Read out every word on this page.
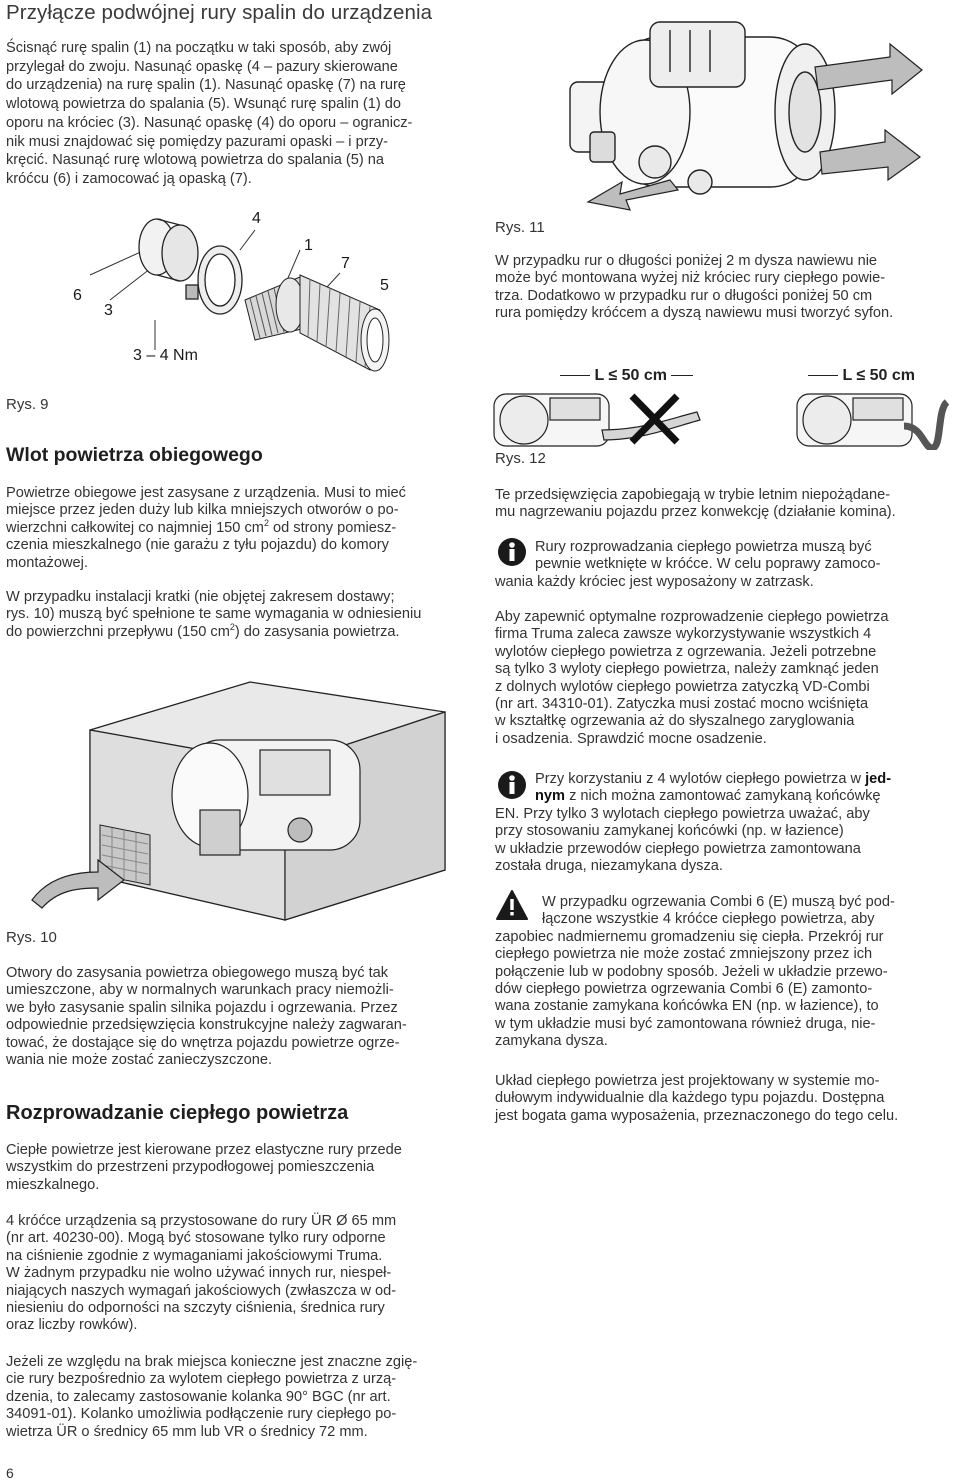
Przyłącze podwójnej rury spalin do urządzenia

Ścisnąć rurę spalin (1) na początku w taki sposób, aby zwój

przylegał do zwoju. Nasunąć opaskę (4 – pazury skierowane

do urządzenia) na rurę spalin (1). Nasunąć opaskę (7) na rurę

wlotową powietrza do spalania (5). Wsunąć rurę spalin (1) do

oporu na króciec (3). Nasunąć opaskę (4) do oporu – ogranicz-

nik musi znajdować się pomiędzy pazurami opaski – i przy-

kręcić. Nasunąć rurę wlotową powietrza do spalania (5) na

króćcu (6) i zamocować ją opaską (7).

4
1
7
5
6
3
3 – 4 Nm
Rys. 9
Wlot powietrza obiegowego

Powietrze obiegowe jest zasysane z urządzenia. Musi to mieć

miejsce przez jeden duży lub kilka mniejszych otworów o po-

wierzchni całkowitej co najmniej 150 $cm^2$ od strony pomiesz-

czenia mieszkalnego (nie garażu z tyłu pojazdu) do komory

montażowej.

W przypadku instalacji kratki (nie objętej zakresem dostawy;

rys. 10) muszą być spełnione te same wymagania w odniesieniu

do powierzchni przepływu (150 $cm^2$) do zasysania powietrza.

Rys. 10

Otwory do zasysania powietrza obiegowego muszą być tak

umieszczone, aby w normalnych warunkach pracy niemożli-

we było zasysanie spalin silnika pojazdu i ogrzewania. Przez

odpowiednie przedsięwzięcia konstrukcyjne należy zagwaran-

tować, że dostające się do wnętrza pojazdu powietrze ogrze-

wania nie może zostać zanieczyszczone.

Rozprowadzanie ciepłego powietrza

Ciepłe powietrze jest kierowane przez elastyczne rury przede

wszystkim do przestrzeni przypodłogowej pomieszczenia

mieszkalnego.

4 króćce urządzenia są przystosowane do rury ÜR Ø 65 mm

(nr art. 40230-00). Mogą być stosowane tylko rury odporne

na ciśnienie zgodnie z wymaganiami jakościowymi Truma.

W żadnym przypadku nie wolno używać innych rur, niespeł-

niających naszych wymagań jakościowych (zwłaszcza w od-

niesieniu do odporności na szczyty ciśnienia, średnica rury

oraz liczby rowków).

Jeżeli ze względu na brak miejsca konieczne jest znaczne zgię-

cie rury bezpośrednio za wylotem ciepłego powietrza z urzą-

dzenia, to zalecamy zastosowanie kolanka 90° BGC (nr art.

34091-01). Kolanko umożliwia podłączenie rury ciepłego po-

wietrza ÜR o średnicy 65 mm lub VR o średnicy 72 mm.

6
Rys. 11

W przypadku rur o długości poniżej 2 m dysza nawiewu nie

może być montowana wyżej niż króciec rury ciepłego powie-

trza. Dodatkowo w przypadku rur o długości poniżej 50 cm

rura pomiędzy króćcem a dyszą nawiewu musi tworzyć syfon.

L ≤ 50 cm	L ≤ 50 cm
Rys. 12

Te przedsięwzięcia zapobiegają w trybie letnim niepożądane-

mu nagrzewaniu pojazdu przez konwekcję (działanie komina).

Rury rozprowadzania ciepłego powietrza muszą być

pewnie wetknięte w króćce. W celu poprawy zamoco-

wania każdy króciec jest wyposażony w zatrzask.

Aby zapewnić optymalne rozprowadzenie ciepłego powietrza

firma Truma zaleca zawsze wykorzystywanie wszystkich 4

wylotów ciepłego powietrza z ogrzewania. Jeżeli potrzebne

są tylko 3 wyloty ciepłego powietrza, należy zamknąć jeden

z dolnych wylotów ciepłego powietrza zatyczką VD-Combi

(nr art. 34310-01). Zatyczka musi zostać mocno wciśnięta

w kształtkę ogrzewania aż do słyszalnego zaryglowania

i osadzenia. Sprawdzić mocne osadzenie.

Przy korzystaniu z 4 wylotów ciepłego powietrza w jed-

nym z nich można zamontować zamykaną końcówkę

EN. Przy tylko 3 wylotach ciepłego powietrza uważać, aby

przy stosowaniu zamykanej końcówki (np. w łazience)

w układzie przewodów ciepłego powietrza zamontowana

została druga, niezamykana dysza.

W przypadku ogrzewania Combi 6 (E) muszą być pod-

łączone wszystkie 4 króćce ciepłego powietrza, aby

zapobiec nadmiernemu gromadzeniu się ciepła. Przekrój rur

ciepłego powietrza nie może zostać zmniejszony przez ich

połączenie lub w podobny sposób. Jeżeli w układzie przewo-

dów ciepłego powietrza ogrzewania Combi 6 (E) zamonto-

wana zostanie zamykana końcówka EN (np. w łazience), to

w tym układzie musi być zamontowana również druga, nie-

zamykana dysza.

Układ ciepłego powietrza jest projektowany w systemie mo-

dułowym indywidualnie dla każdego typu pojazdu. Dostępna

jest bogata gama wyposażenia, przeznaczonego do tego celu.
